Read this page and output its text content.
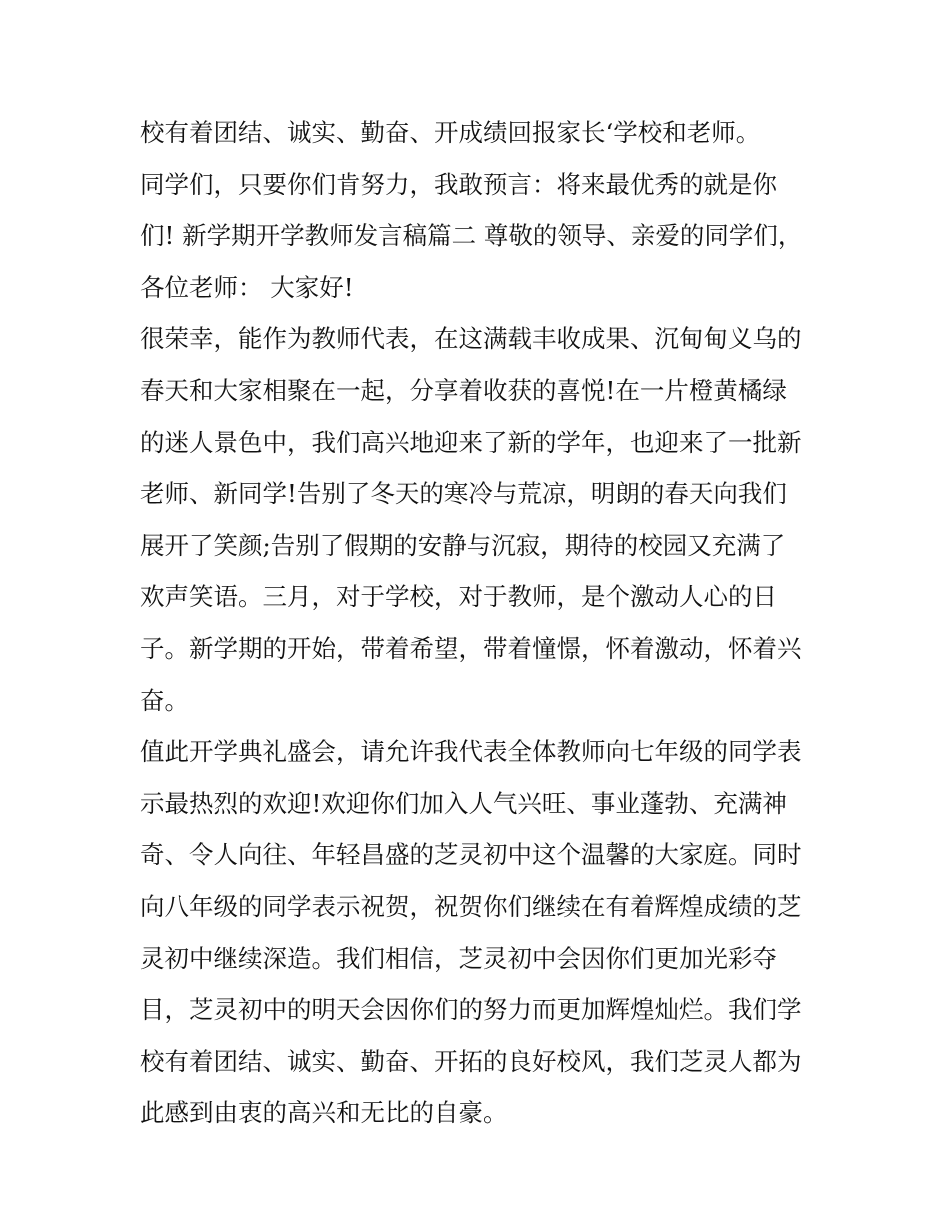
校有着团结、诚实、勤奋、开成绩回报家长‘学校和老师。
同学们，只要你们肯努力，我敢预言：将来最优秀的就是你
们! 新学期开学教师发言稿篇二 尊敬的领导、亲爱的同学们，
各位老师： 大家好!
很荣幸，能作为教师代表，在这满载丰收成果、沉甸甸义乌的
春天和大家相聚在一起，分享着收获的喜悦!在一片橙黄橘绿
的迷人景色中，我们高兴地迎来了新的学年，也迎来了一批新
老师、新同学!告别了冬天的寒冷与荒凉，明朗的春天向我们
展开了笑颜;告别了假期的安静与沉寂，期待的校园又充满了
欢声笑语。三月，对于学校，对于教师，是个激动人心的日
子。新学期的开始，带着希望，带着憧憬，怀着激动，怀着兴
奋。
值此开学典礼盛会，请允许我代表全体教师向七年级的同学表
示最热烈的欢迎!欢迎你们加入人气兴旺、事业蓬勃、充满神
奇、令人向往、年轻昌盛的芝灵初中这个温馨的大家庭。同时
向八年级的同学表示祝贺，祝贺你们继续在有着辉煌成绩的芝
灵初中继续深造。我们相信，芝灵初中会因你们更加光彩夺
目，芝灵初中的明天会因你们的努力而更加辉煌灿烂。我们学
校有着团结、诚实、勤奋、开拓的良好校风，我们芝灵人都为
此感到由衷的高兴和无比的自豪。
